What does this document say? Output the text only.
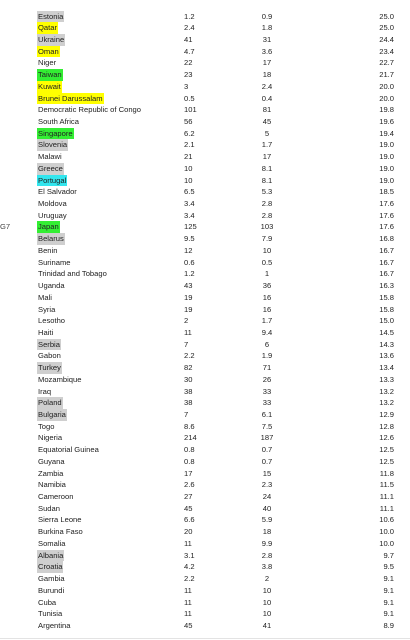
Estonia	1.2	0.9	25.0
Qatar	2.4	1.8	25.0
Ukraine	41	31	24.4
Oman	4.7	3.6	23.4
Niger	22	17	22.7
Taiwan	23	18	21.7
Kuwait	3	2.4	20.0
Brunei Darussalam	0.5	0.4	20.0
Democratic Republic of Congo	101	81	19.8
South Africa	56	45	19.6
Singapore	6.2	5	19.4
Slovenia	2.1	1.7	19.0
Malawi	21	17	19.0
Greece	10	8.1	19.0
Portugal	10	8.1	19.0
El Salvador	6.5	5.3	18.5
Moldova	3.4	2.8	17.6
Uruguay	3.4	2.8	17.6
G7	Japan	125	103	17.6
Belarus	9.5	7.9	16.8
Benin	12	10	16.7
Suriname	0.6	0.5	16.7
Trinidad and Tobago	1.2	1	16.7
Uganda	43	36	16.3
Mali	19	16	15.8
Syria	19	16	15.8
Lesotho	2	1.7	15.0
Haiti	11	9.4	14.5
Serbia	7	6	14.3
Gabon	2.2	1.9	13.6
Turkey	82	71	13.4
Mozambique	30	26	13.3
Iraq	38	33	13.2
Poland	38	33	13.2
Bulgaria	7	6.1	12.9
Togo	8.6	7.5	12.8
Nigeria	214	187	12.6
Equatorial Guinea	0.8	0.7	12.5
Guyana	0.8	0.7	12.5
Zambia	17	15	11.8
Namibia	2.6	2.3	11.5
Cameroon	27	24	11.1
Sudan	45	40	11.1
Sierra Leone	6.6	5.9	10.6
Burkina Faso	20	18	10.0
Somalia	11	9.9	10.0
Albania	3.1	2.8	9.7
Croatia	4.2	3.8	9.5
Gambia	2.2	2	9.1
Burundi	11	10	9.1
Cuba	11	10	9.1
Tunisia	11	10	9.1
Argentina	45	41	8.9
